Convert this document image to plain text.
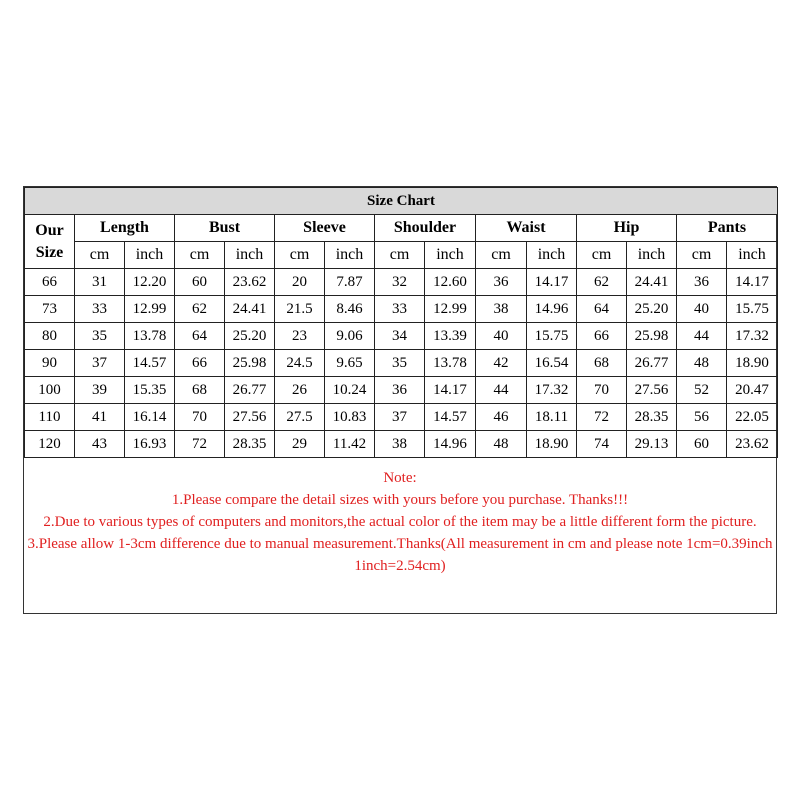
Size Chart														
Our
Size	Length		Bust		Sleeve		Shoulder		Waist		Hip		Pants	
	cm	inch	cm	inch	cm	inch	cm	inch	cm	inch	cm	inch	cm	inch
66	31	12.20	60	23.62	20	7.87	32	12.60	36	14.17	62	24.41	36	14.17
73	33	12.99	62	24.41	21.5	8.46	33	12.99	38	14.96	64	25.20	40	15.75
80	35	13.78	64	25.20	23	9.06	34	13.39	40	15.75	66	25.98	44	17.32
90	37	14.57	66	25.98	24.5	9.65	35	13.78	42	16.54	68	26.77	48	18.90
100	39	15.35	68	26.77	26	10.24	36	14.17	44	17.32	70	27.56	52	20.47
110	41	16.14	70	27.56	27.5	10.83	37	14.57	46	18.11	72	28.35	56	22.05
120	43	16.93	72	28.35	29	11.42	38	14.96	48	18.90	74	29.13	60	23.62
Note:
1.Please compare the detail sizes with yours before you purchase. Thanks!!!
2.Due to various types of computers and monitors,the actual color of the item may be a little different form the picture.
3.Please allow 1-3cm difference due to manual measurement.Thanks(All measurement in cm and please note 1cm=0.39inch 1inch=2.54cm)
